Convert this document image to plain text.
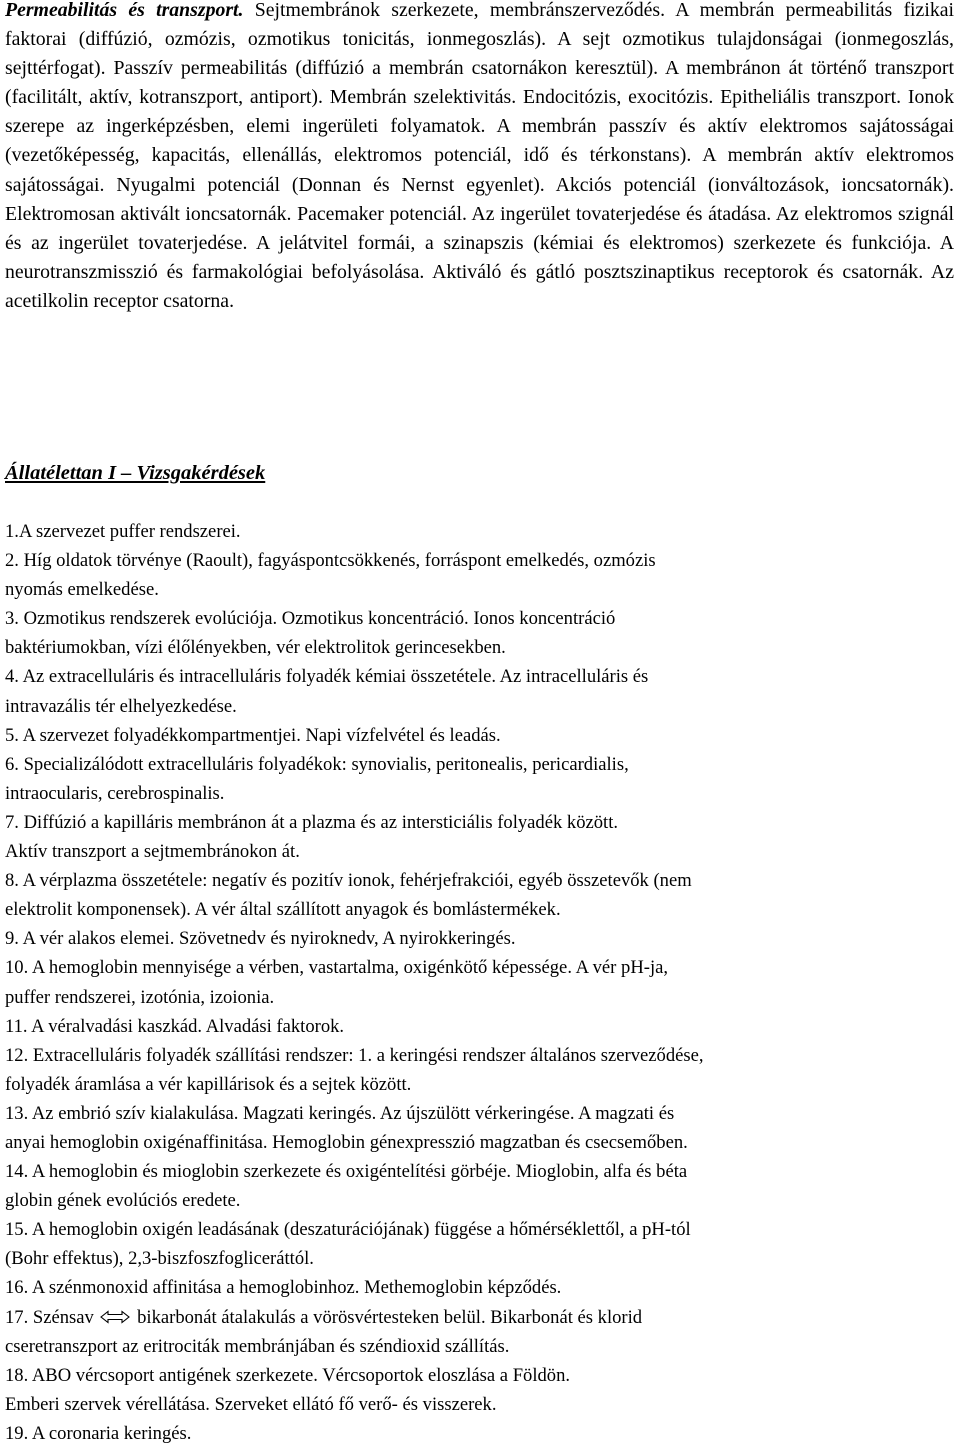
Permeabilitás és transzport. Sejtmembránok szerkezete, membránszerveződés. A membrán permeabilitás fizikai faktorai (diffúzió, ozmózis, ozmotikus tonicitás, ionmegoszlás). A sejt ozmotikus tulajdonságai (ionmegoszlás, sejttérfogat). Passzív permeabilitás (diffúzió a membrán csatornákon keresztül). A membránon át történő transzport (facilitált, aktív, kotranszport, antiport). Membrán szelektivitás. Endocitózis, exocitózis. Epitheliális transzport. Ionok szerepe az ingerképzésben, elemi ingerületi folyamatok. A membrán passzív és aktív elektromos sajátosságai (vezetőképesség, kapacitás, ellenállás, elektromos potenciál, idő és térkonstans). A membrán aktív elektromos sajátosságai. Nyugalmi potenciál (Donnan és Nernst egyenlet). Akciós potenciál (ionváltozások, ioncsatornák). Elektromosan aktivált ioncsatornák. Pacemaker potenciál. Az ingerület tovaterjedése és átadása. Az elektromos szignál és az ingerület tovaterjedése. A jelátvitel formái, a szinapszis (kémiai és elektromos) szerkezete és funkciója. A neurotranszmisszió és farmakológiai befolyásolása. Aktiváló és gátló posztszinaptikus receptorok és csatornák. Az acetilkolin receptor csatorna.

Állatélettan I – Vizsgakérdések
1.A szervezet puffer rendszerei.
2. Híg oldatok törvénye (Raoult), fagyáspontcsökkenés, forráspont emelkedés, ozmózis
nyomás emelkedése.
3. Ozmotikus rendszerek evolúciója. Ozmotikus koncentráció. Ionos koncentráció
baktériumokban, vízi élőlényekben, vér elektrolitok gerincesekben.
4. Az extracelluláris és intracelluláris folyadék kémiai összetétele. Az intracelluláris és
intravazális tér elhelyezkedése.
5. A szervezet folyadékkompartmentjei. Napi vízfelvétel és leadás.
6. Specializálódott extracelluláris folyadékok: synovialis, peritonealis, pericardialis,
intraocularis, cerebrospinalis.
7. Diffúzió a kapilláris membránon át a plazma és az intersticiális folyadék között.
Aktív transzport a sejtmembránokon át.
8. A vérplazma összetétele: negatív és pozitív ionok, fehérjefrakciói, egyéb összetevők (nem
elektrolit komponensek). A vér által szállított anyagok és bomlástermékek.
9. A vér alakos elemei. Szövetnedv és nyiroknedv, A nyirokkeringés.
10. A hemoglobin mennyisége a vérben, vastartalma, oxigénkötő képessége. A vér pH-ja,
puffer rendszerei, izotónia, izoionia.
11. A véralvadási kaszkád. Alvadási faktorok.
12. Extracelluláris folyadék szállítási rendszer: 1. a keringési rendszer általános szerveződése,
folyadék áramlása a vér kapillárisok és a sejtek között.
13. Az embrió szív kialakulása. Magzati keringés. Az újszülött vérkeringése. A magzati és
anyai hemoglobin oxigénaffinitása. Hemoglobin génexpresszió magzatban és csecsemőben.
14. A hemoglobin és mioglobin szerkezete és oxigéntelítési görbéje. Mioglobin, alfa és béta
globin gének evolúciós eredete.
15. A hemoglobin oxigén leadásának (deszaturációjának) függése a hőmérséklettől, a pH-tól
(Bohr effektus), 2,3-biszfoszfogliceráttól.
16. A szénmonoxid affinitása a hemoglobinhoz. Methemoglobin képződés.
17. Szénsav  bikarbonát átalakulás a vörösvértesteken belül. Bikarbonát és klorid
cseretranszport az eritrociták membránjában és széndioxid szállítás.
18. ABO vércsoport antigének szerkezete. Vércsoportok eloszlása a Földön.
Emberi szervek vérellátása. Szerveket ellátó fő verő- és visszerek.
19. A coronaria keringés.
